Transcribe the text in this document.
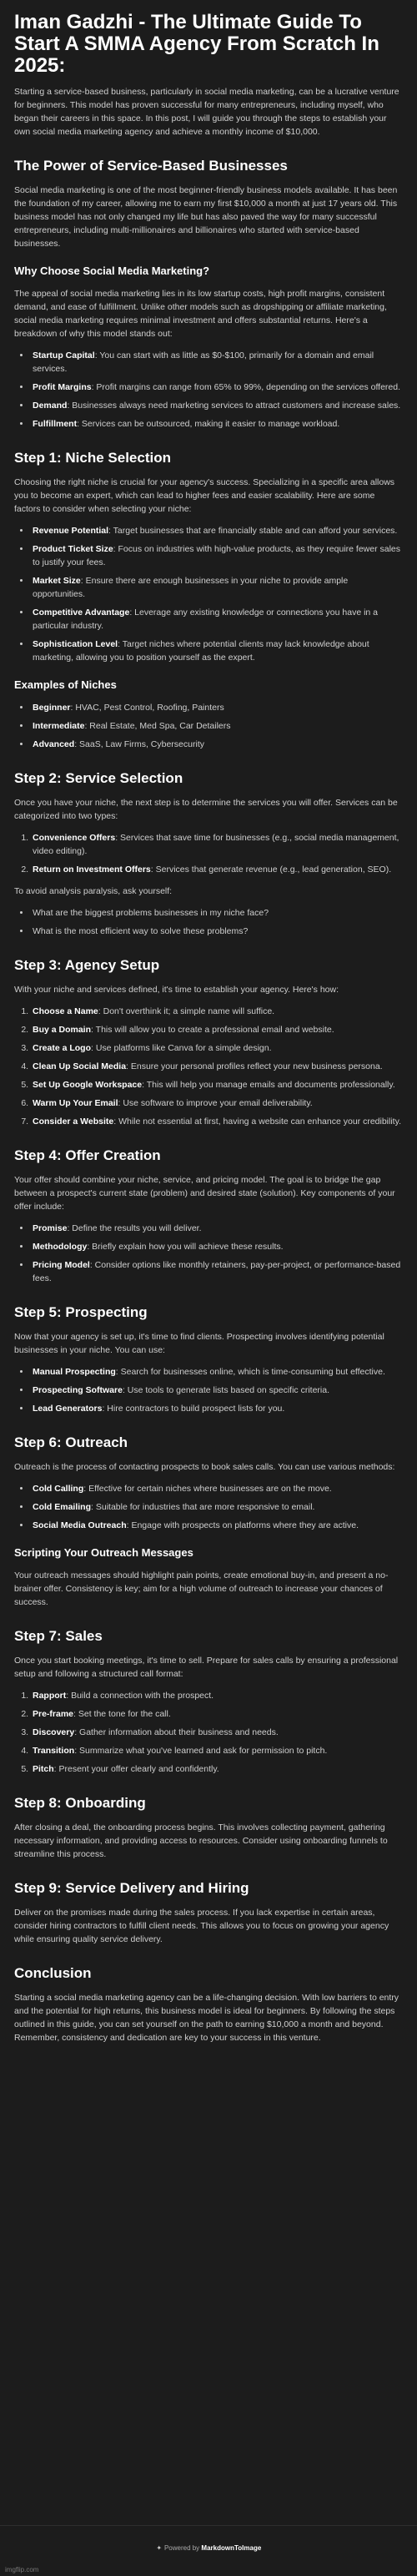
Iman Gadzhi - The Ultimate Guide To Start A SMMA Agency From Scratch In 2025:

Starting a service-based business, particularly in social media marketing, can be a lucrative venture for beginners. This model has proven successful for many entrepreneurs, including myself, who began their careers in this space. In this post, I will guide you through the steps to establish your own social media marketing agency and achieve a monthly income of $10,000.

The Power of Service-Based Businesses

Social media marketing is one of the most beginner-friendly business models available. It has been the foundation of my career, allowing me to earn my first $10,000 a month at just 17 years old. This business model has not only changed my life but has also paved the way for many successful entrepreneurs, including multi-millionaires and billionaires who started with service-based businesses.

Why Choose Social Media Marketing?

The appeal of social media marketing lies in its low startup costs, high profit margins, consistent demand, and ease of fulfillment. Unlike other models such as dropshipping or affiliate marketing, social media marketing requires minimal investment and offers substantial returns. Here's a breakdown of why this model stands out:

• Startup Capital: You can start with as little as $0-$100, primarily for a domain and email services.
• Profit Margins: Profit margins can range from 65% to 99%, depending on the services offered.
• Demand: Businesses always need marketing services to attract customers and increase sales.
• Fulfillment: Services can be outsourced, making it easier to manage workload.
Step 1: Niche Selection

Choosing the right niche is crucial for your agency's success. Specializing in a specific area allows you to become an expert, which can lead to higher fees and easier scalability. Here are some factors to consider when selecting your niche:

• Revenue Potential: Target businesses that are financially stable and can afford your services.
• Product Ticket Size: Focus on industries with high-value products, as they require fewer sales to justify your fees.
• Market Size: Ensure there are enough businesses in your niche to provide ample opportunities.
• Competitive Advantage: Leverage any existing knowledge or connections you have in a particular industry.
• Sophistication Level: Target niches where potential clients may lack knowledge about marketing, allowing you to position yourself as the expert.
Examples of Niches
• Beginner: HVAC, Pest Control, Roofing, Painters
• Intermediate: Real Estate, Med Spa, Car Detailers
• Advanced: SaaS, Law Firms, Cybersecurity
Step 2: Service Selection

Once you have your niche, the next step is to determine the services you will offer. Services can be categorized into two types:

1. Convenience Offers: Services that save time for businesses (e.g., social media management, video editing).
2. Return on Investment Offers: Services that generate revenue (e.g., lead generation, SEO).

To avoid analysis paralysis, ask yourself:

• What are the biggest problems businesses in my niche face?
• What is the most efficient way to solve these problems?
Step 3: Agency Setup

With your niche and services defined, it's time to establish your agency. Here's how:

1. Choose a Name: Don't overthink it; a simple name will suffice.
2. Buy a Domain: This will allow you to create a professional email and website.
3. Create a Logo: Use platforms like Canva for a simple design.
4. Clean Up Social Media: Ensure your personal profiles reflect your new business persona.
5. Set Up Google Workspace: This will help you manage emails and documents professionally.
6. Warm Up Your Email: Use software to improve your email deliverability.
7. Consider a Website: While not essential at first, having a website can enhance your credibility.
Step 4: Offer Creation

Your offer should combine your niche, service, and pricing model. The goal is to bridge the gap between a prospect's current state (problem) and desired state (solution). Key components of your offer include:

• Promise: Define the results you will deliver.
• Methodology: Briefly explain how you will achieve these results.
• Pricing Model: Consider options like monthly retainers, pay-per-project, or performance-based fees.
Step 5: Prospecting

Now that your agency is set up, it's time to find clients. Prospecting involves identifying potential businesses in your niche. You can use:

• Manual Prospecting: Search for businesses online, which is time-consuming but effective.
• Prospecting Software: Use tools to generate lists based on specific criteria.
• Lead Generators: Hire contractors to build prospect lists for you.
Step 6: Outreach

Outreach is the process of contacting prospects to book sales calls. You can use various methods:

• Cold Calling: Effective for certain niches where businesses are on the move.
• Cold Emailing: Suitable for industries that are more responsive to email.
• Social Media Outreach: Engage with prospects on platforms where they are active.
Scripting Your Outreach Messages

Your outreach messages should highlight pain points, create emotional buy-in, and present a no-brainer offer. Consistency is key; aim for a high volume of outreach to increase your chances of success.

Step 7: Sales

Once you start booking meetings, it's time to sell. Prepare for sales calls by ensuring a professional setup and following a structured call format:

1. Rapport: Build a connection with the prospect.
2. Pre-frame: Set the tone for the call.
3. Discovery: Gather information about their business and needs.
4. Transition: Summarize what you've learned and ask for permission to pitch.
5. Pitch: Present your offer clearly and confidently.
Step 8: Onboarding

After closing a deal, the onboarding process begins. This involves collecting payment, gathering necessary information, and providing access to resources. Consider using onboarding funnels to streamline this process.

Step 9: Service Delivery and Hiring

Deliver on the promises made during the sales process. If you lack expertise in certain areas, consider hiring contractors to fulfill client needs. This allows you to focus on growing your agency while ensuring quality service delivery.

Conclusion

Starting a social media marketing agency can be a life-changing decision. With low barriers to entry and the potential for high returns, this business model is ideal for beginners. By following the steps outlined in this guide, you can set yourself on the path to earning $10,000 a month and beyond. Remember, consistency and dedication are key to your success in this venture.

✦ Powered by MarkdownToImage
imgflip.com
